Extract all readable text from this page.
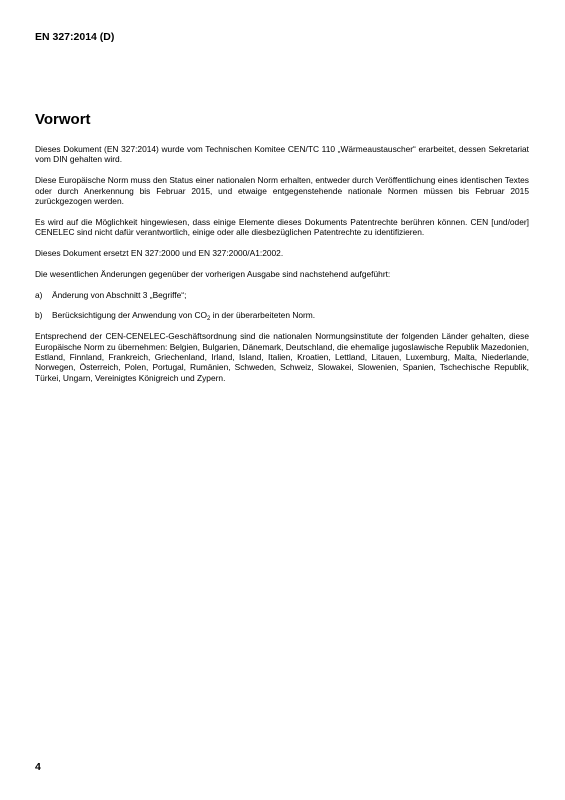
EN 327:2014 (D)
Vorwort

Dieses Dokument (EN 327:2014) wurde vom Technischen Komitee CEN/TC 110 „Wärmeaustauscher“ erarbeitet, dessen Sekretariat vom DIN gehalten wird.

Diese Europäische Norm muss den Status einer nationalen Norm erhalten, entweder durch Veröffentlichung eines identischen Textes oder durch Anerkennung bis Februar 2015, und etwaige entgegenstehende nationale Normen müssen bis Februar 2015 zurückgezogen werden.

Es wird auf die Möglichkeit hingewiesen, dass einige Elemente dieses Dokuments Patentrechte berühren können. CEN [und/oder] CENELEC sind nicht dafür verantwortlich, einige oder alle diesbezüglichen Patentrechte zu identifizieren.

Dieses Dokument ersetzt EN 327:2000 und EN 327:2000/A1:2002.

Die wesentlichen Änderungen gegenüber der vorherigen Ausgabe sind nachstehend aufgeführt:

a)	Änderung von Abschnitt 3 „Begriffe“;
b)	Berücksichtigung der Anwendung von $CO_2$ in der überarbeiteten Norm.

Entsprechend der CEN-CENELEC-Geschäftsordnung sind die nationalen Normungsinstitute der folgenden Länder gehalten, diese Europäische Norm zu übernehmen: Belgien, Bulgarien, Dänemark, Deutschland, die ehemalige jugoslawische Republik Mazedonien, Estland, Finnland, Frankreich, Griechenland, Irland, Island, Italien, Kroatien, Lettland, Litauen, Luxemburg, Malta, Niederlande, Norwegen, Österreich, Polen, Portugal, Rumänien, Schweden, Schweiz, Slowakei, Slowenien, Spanien, Tschechische Republik, Türkei, Ungarn, Vereinigtes Königreich und Zypern.

4
